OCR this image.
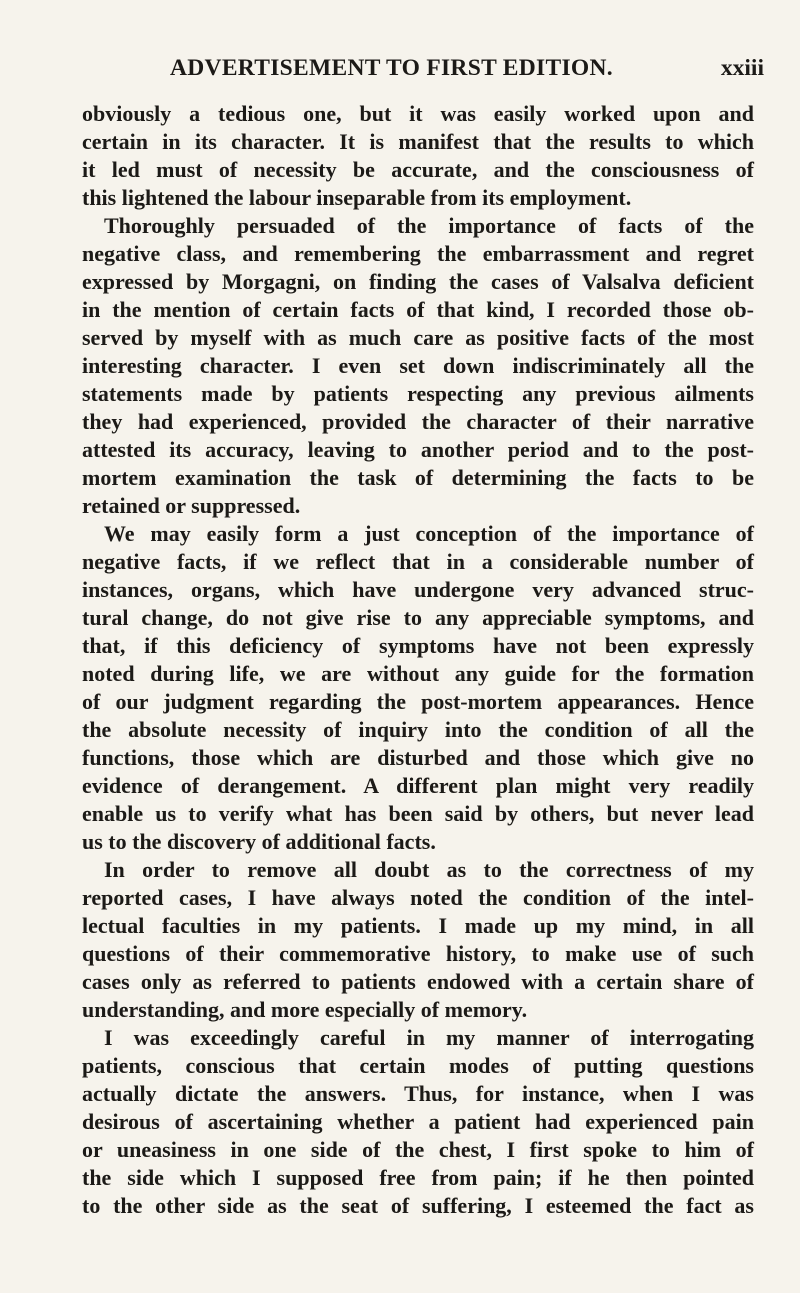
ADVERTISEMENT TO FIRST EDITION.	xxiii
obviously a tedious one, but it was easily worked upon and
certain in its character. It is manifest that the results to which
it led must of necessity be accurate, and the consciousness of
this lightened the labour inseparable from its employment.
Thoroughly persuaded of the importance of facts of the
negative class, and remembering the embarrassment and regret
expressed by Morgagni, on finding the cases of Valsalva deficient
in the mention of certain facts of that kind, I recorded those ob-
served by myself with as much care as positive facts of the most
interesting character. I even set down indiscriminately all the
statements made by patients respecting any previous ailments
they had experienced, provided the character of their narrative
attested its accuracy, leaving to another period and to the post-
mortem examination the task of determining the facts to be
retained or suppressed.
We may easily form a just conception of the importance of
negative facts, if we reflect that in a considerable number of
instances, organs, which have undergone very advanced struc-
tural change, do not give rise to any appreciable symptoms, and
that, if this deficiency of symptoms have not been expressly
noted during life, we are without any guide for the formation
of our judgment regarding the post-mortem appearances. Hence
the absolute necessity of inquiry into the condition of all the
functions, those which are disturbed and those which give no
evidence of derangement. A different plan might very readily
enable us to verify what has been said by others, but never lead
us to the discovery of additional facts.
In order to remove all doubt as to the correctness of my
reported cases, I have always noted the condition of the intel-
lectual faculties in my patients. I made up my mind, in all
questions of their commemorative history, to make use of such
cases only as referred to patients endowed with a certain share of
understanding, and more especially of memory.
I was exceedingly careful in my manner of interrogating
patients, conscious that certain modes of putting questions
actually dictate the answers. Thus, for instance, when I was
desirous of ascertaining whether a patient had experienced pain
or uneasiness in one side of the chest, I first spoke to him of
the side which I supposed free from pain; if he then pointed
to the other side as the seat of suffering, I esteemed the fact as
